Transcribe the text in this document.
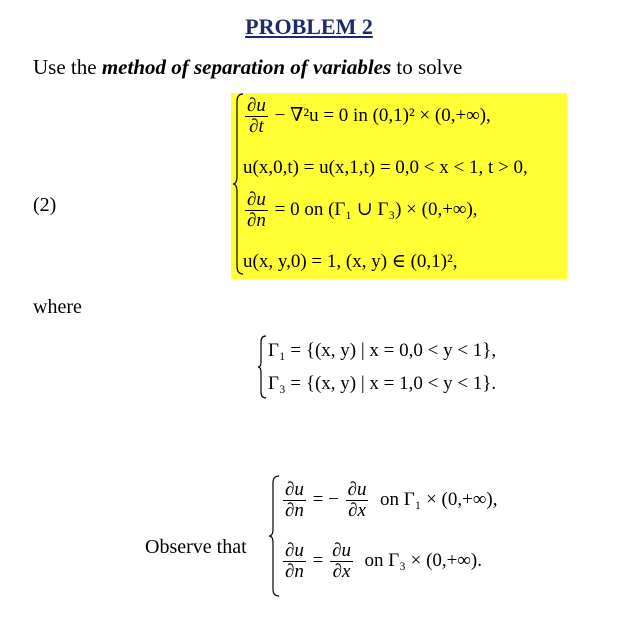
PROBLEM 2
Use the method of separation of variables to solve
(2)
$\frac{\partial u}{\partial t} - \nabla^2u = 0$ in (0,1)² × (0,+∞),
u(x,0,t) = u(x,1,t) = 0,0 < x < 1, t > 0,
$\frac{\partial u}{\partial n} = 0$ on (Γ₁ ∪ Γ₃) × (0,+∞),
u(x, y,0) = 1, (x, y) ∈ (0,1)²,
where
Γ₁ = {(x, y) | x = 0,0 < y < 1},
Γ₃ = {(x, y) | x = 1,0 < y < 1}.
Observe that
$\frac{\partial u}{\partial n}$ = − $\frac{\partial u}{\partial x}$ on Γ₁ × (0,+∞),
$\frac{\partial u}{\partial n} = \frac{\partial u}{\partial x}$ on Γ₃ × (0,+∞).
